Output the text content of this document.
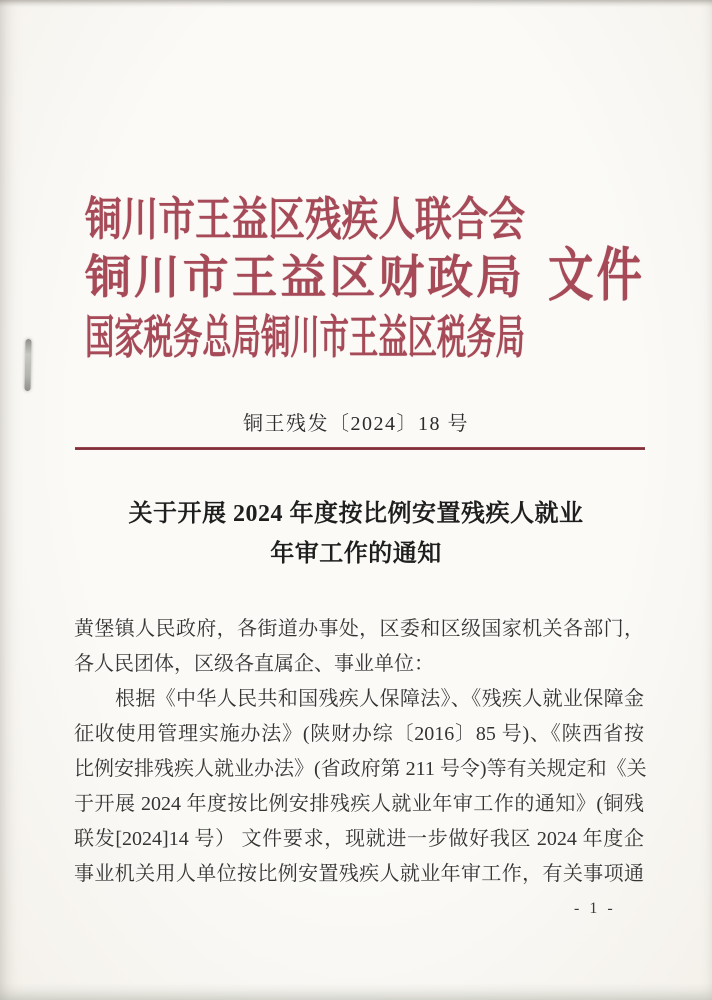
铜川市王益区残疾人联合会
铜川市王益区财政局
国家税务总局铜川市王益区税务局
文件
铜王残发〔2024〕18 号
关于开展 2024 年度按比例安置残疾人就业
年审工作的通知
黄堡镇人民政府，各街道办事处，区委和区级国家机关各部门，
各人民团体，区级各直属企、事业单位：
根据《中华人民共和国残疾人保障法》、《残疾人就业保障金
征收使用管理实施办法》(陕财办综〔2016〕85 号)、《陕西省按
比例安排残疾人就业办法》(省政府第 211 号令)等有关规定和《关
于开展 2024 年度按比例安排残疾人就业年审工作的通知》(铜残
联发[2024]14 号） 文件要求，现就进一步做好我区 2024 年度企
事业机关用人单位按比例安置残疾人就业年审工作，有关事项通
- 1 -
